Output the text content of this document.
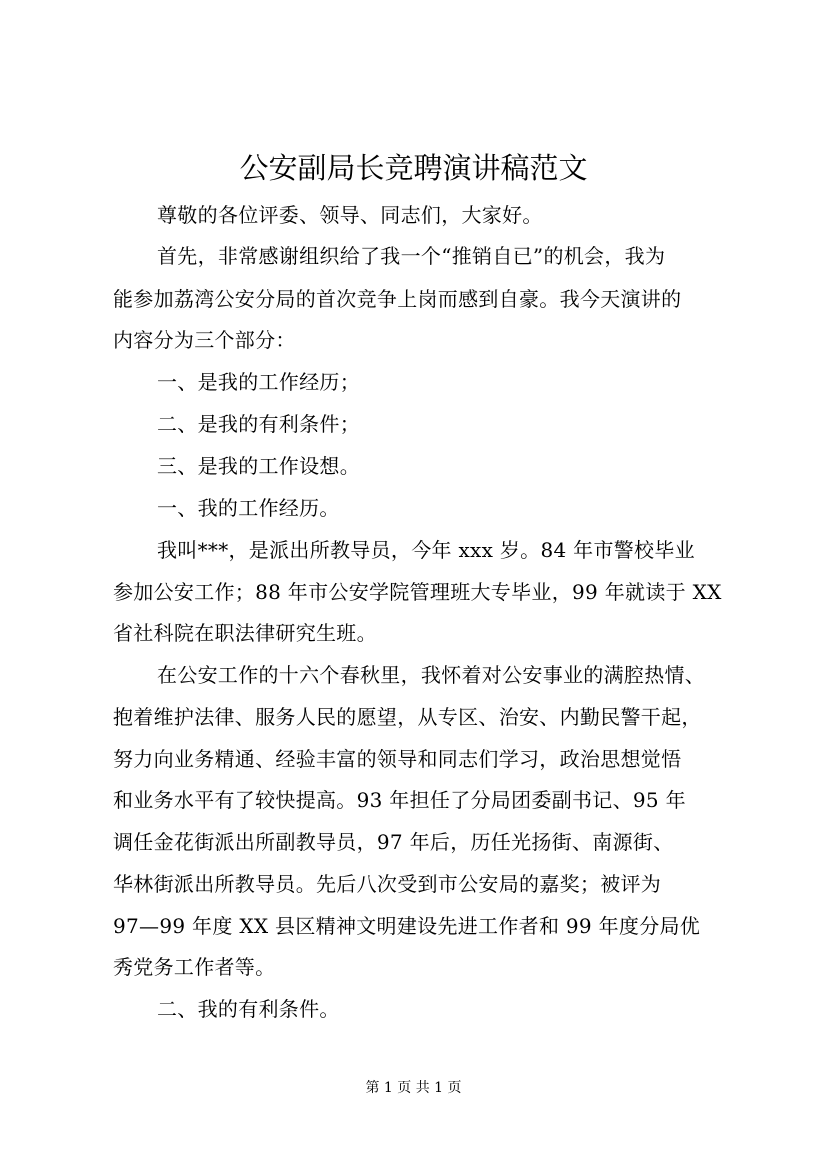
公安副局长竞聘演讲稿范文
尊敬的各位评委、领导、同志们，大家好。
首先，非常感谢组织给了我一个“推销自已”的机会，我为
能参加荔湾公安分局的首次竞争上岗而感到自豪。我今天演讲的
内容分为三个部分：
一、是我的工作经历；
二、是我的有利条件；
三、是我的工作设想。
一、我的工作经历。
我叫***，是派出所教导员，今年 xxx 岁。84 年市警校毕业
参加公安工作；88 年市公安学院管理班大专毕业，99 年就读于 XX
省社科院在职法律研究生班。
在公安工作的十六个春秋里，我怀着对公安事业的满腔热情、
抱着维护法律、服务人民的愿望，从专区、治安、内勤民警干起，
努力向业务精通、经验丰富的领导和同志们学习，政治思想觉悟
和业务水平有了较快提高。93 年担任了分局团委副书记、95 年
调任金花街派出所副教导员，97 年后，历任光扬街、南源街、
华林街派出所教导员。先后八次受到市公安局的嘉奖；被评为
97—99 年度 XX 县区精神文明建设先进工作者和 99 年度分局优
秀党务工作者等。
二、我的有利条件。
第 1 页 共 1 页
